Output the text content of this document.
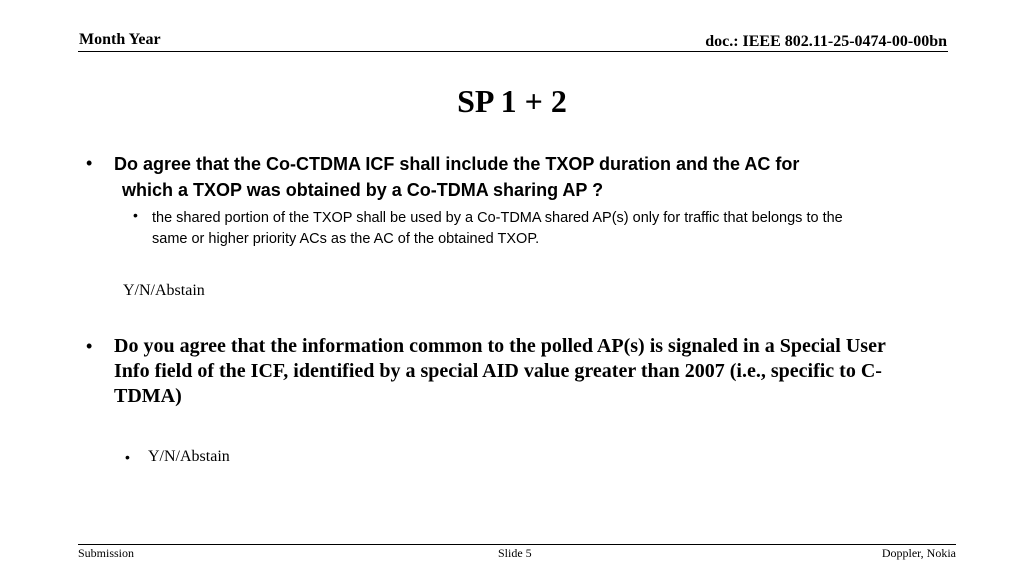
Month Year	doc.: IEEE 802.11-25-0474-00-00bn
SP 1 + 2
• Do agree that the Co-CTDMA ICF shall include the TXOP duration and the AC for
which a TXOP was obtained by a Co-TDMA sharing AP ?
• the shared portion of the TXOP shall be used by a Co-TDMA shared AP(s) only for traffic that belongs to the
same or higher priority ACs as the AC of the obtained TXOP.
Y/N/Abstain
• Do you agree that the information common to the polled AP(s) is signaled in a Special User
Info field of the ICF, identified by a special AID value greater than 2007 (i.e., specific to C-
TDMA)
• Y/N/Abstain
Submission	Slide 5	Doppler, Nokia
